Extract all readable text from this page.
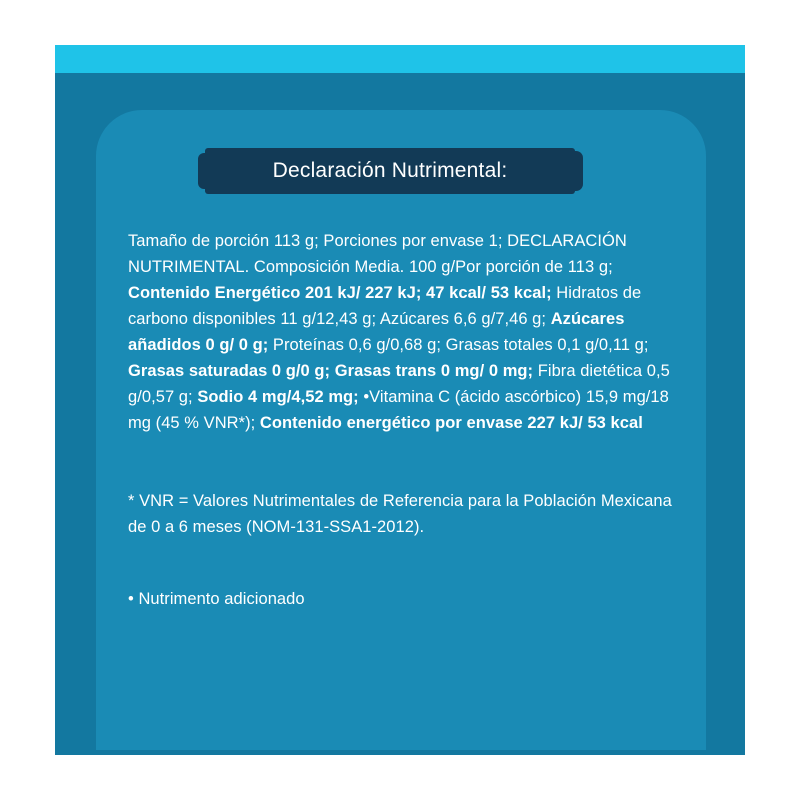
Declaración Nutrimental:

Tamaño de porción 113 g; Porciones por envase 1; DECLARACIÓN NUTRIMENTAL. Composición Media. 100 g/Por porción de 113 g; Contenido Energético 201 kJ/ 227 kJ; 47 kcal/ 53 kcal; Hidratos de carbono disponibles 11 g/12,43 g; Azúcares 6,6 g/7,46 g; Azúcares añadidos 0 g/ 0 g; Proteínas 0,6 g/0,68 g; Grasas totales 0,1 g/0,11 g; Grasas saturadas 0 g/0 g; Grasas trans 0 mg/ 0 mg; Fibra dietética 0,5 g/0,57 g; Sodio 4 mg/4,52 mg; •Vitamina C (ácido ascórbico) 15,9 mg/18 mg (45 % VNR*); Contenido energético por envase 227 kJ/ 53 kcal

* VNR = Valores Nutrimentales de Referencia para la Población Mexicana de 0 a 6 meses (NOM-131-SSA1-2012).

• Nutrimento adicionado
